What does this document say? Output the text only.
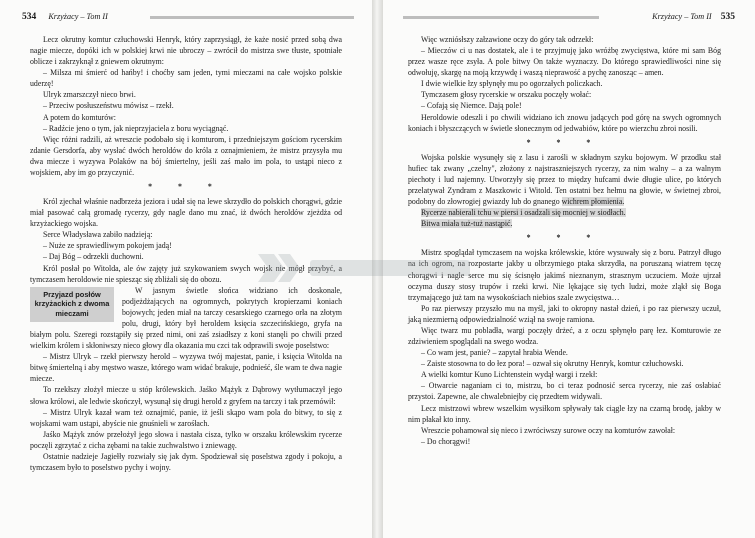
534 Krzyżacy – Tom II

Lecz okrutny komtur człuchowski Henryk, który zaprzysiągł, że każe nosić przed sobą dwa nagie miecze, dopóki ich w polskiej krwi nie ubroczy – zwrócił do mistrza swe tłuste, spotniałe oblicze i zakrzyknął z gniewem okrutnym:

– Milsza mi śmierć od hańby! i choćby sam jeden, tymi mieczami na całe wojsko polskie uderzę!

Ulryk zmarszczył nieco brwi.

– Przeciw posłuszeństwu mówisz – rzekł.

A potem do komturów:

– Radźcie jeno o tym, jak nieprzyjaciela z boru wyciągnąć.

Więc różni radzili, aż wreszcie podobało się i komturom, i przedniejszym gościom rycerskim zdanie Gersdorfa, aby wysłać dwóch heroldów do króla z oznajmieniem, że mistrz przysyła mu dwa miecze i wyzywa Polaków na bój śmiertelny, jeśli zaś mało im pola, to ustąpi nieco z wojskiem, aby im go przyczynić.

* * *

Król zjechał właśnie nadbrzeża jeziora i udał się na lewe skrzydło do polskich chorągwi, gdzie miał pasować całą gromadę rycerzy, gdy nagle dano mu znać, iż dwóch heroldów zjeżdża od krzyżackiego wojska.

Serce Władysława zabiło nadzieją:

– Nuże ze sprawiedliwym pokojem jadą!

– Daj Bóg – odrzekli duchowni.

Król posłał po Witolda, ale ów zajęty już szykowaniem swych wojsk nie mógł przybyć, a tymczasem heroldowie nie spiesząc się zbliżali się do obozu.

Przyjazd posłów krzyżackich z dwoma mieczami

W jasnym świetle słońca widziano ich doskonale, podjeżdżających na ogromnych, pokrytych kropierzami koniach bojowych; jeden miał na tarczy cesarskiego czarnego orła na złotym polu, drugi, który był heroldem księcia szczecińskiego, gryfa na białym polu. Szeregi rozstąpiły się przed nimi, oni zaś zsiadłszy z koni stanęli po chwili przed wielkim królem i skłoniwszy nieco głowy dla okazania mu czci tak odprawili swoje poselstwo:

– Mistrz Ulryk – rzekł pierwszy herold – wyzywa twój majestat, panie, i księcia Witolda na bitwę śmiertelną i aby męstwo wasze, którego wam widać brakuje, podnieść, śle wam te dwa nagie miecze.

To rzekłszy złożył miecze u stóp królewskich. Jaśko Mążyk z Dąbrowy wytłumaczył jego słowa królowi, ale ledwie skończył, wysunął się drugi herold z gryfem na tarczy i tak przemówił:

– Mistrz Ulryk kazał wam też oznajmić, panie, iż jeśli skąpo wam pola do bitwy, to się z wojskami wam ustąpi, abyście nie gnuśnieli w zarośłach.

Jaśko Mążyk znów przełożył jego słowa i nastała cisza, tylko w orszaku królewskim rycerze poczęli zgrzytać z cicha zębami na takie zuchwalstwo i zniewagę.

Ostatnie nadzieje Jagiełły rozwiały się jak dym. Spodziewał się poselstwa zgody i pokoju, a tymczasem było to poselstwo pychy i wojny.

Krzyżacy – Tom II 535

Więc wzniósłszy załzawione oczy do góry tak odrzekł:

– Mieczów ci u nas dostatek, ale i te przyjmuję jako wróżbę zwycięstwa, które mi sam Bóg przez wasze ręce zsyła. A pole bitwy On także wyznaczy. Do którego sprawiedliwości nine się odwołuję, skargę na moją krzywdę i waszą nieprawość a pychę zanosząc – amen.

I dwie wielkie łzy spłynęły mu po ogorzałych policzkach.

Tymczasem głosy rycerskie w orszaku poczęły wołać:

– Cofają się Niemce. Dają pole!

Heroldowie odeszli i po chwili widziano ich znowu jadących pod górę na swych ogromnych koniach i błyszczących w świetle słonecznym od jedwabiów, które po wierzchu zbroi nosili.

* * *

Wojska polskie wysunęły się z lasu i zarośli w składnym szyku bojowym. W przodku stał hufiec tak zwany „czelny", złożony z najstraszniejszych rycerzy, za nim walny – a za walnym piechoty i lud najemny. Utworzyły się przez to między hufcami dwie długie ulice, po których przelatywał Zyndram z Maszkowic i Witold. Ten ostatni bez hełmu na głowie, w świetnej zbroi, podobny do złowrogiej gwiazdy lub do gnanego wichrem płomienia.

Rycerze nabierali tchu w piersi i osadzali się mocniej w siodłach.

Bitwa miała tuż-tuż nastąpić.

* * *

Mistrz spoglądał tymczasem na wojska królewskie, które wysuwały się z boru. Patrzył długo na ich ogrom, na rozpostarte jakby u olbrzymiego ptaka skrzydła, na poruszaną wiatrem tęczę chorągwi i nagle serce mu się ścisnęło jakimś nieznanym, strasznym uczuciem. Może ujrzał oczyma duszy stosy trupów i rzeki krwi. Nie lękające się tych ludzi, może zląkł się Boga trzymającego już tam na wysokościach niebios szale zwycięstwa…

Po raz pierwszy przyszło mu na myśl, jaki to okropny nastał dzień, i po raz pierwszy uczuł, jaką niezmierną odpowiedzialność wziął na swoje ramiona.

Więc twarz mu pobladła, wargi poczęły drżeć, a z oczu spłynęło parę łez. Komturowie ze zdziwieniem spoglądali na swego wodza.

– Co wam jest, panie? – zapytał hrabia Wende.

– Zaiste stosowna to do łez pora! – ozwał się okrutny Henryk, komtur człuchowski.

A wielki komtur Kuno Lichtenstein wydął wargi i rzekł:

– Otwarcie naganiam ci to, mistrzu, bo ci teraz podnosić serca rycerzy, nie zaś osłabiać przystoi. Zapewne, ale chwalebniejby cię przedtem widywali.

Lecz mistrzowi wbrew wszelkim wysiłkom spływały tak ciągle łzy na czarną brodę, jakby w nim płakał kto inny.

Wreszcie pohamował się nieco i zwróciwszy surowe oczy na komturów zawołał:

– Do chorągwi!
